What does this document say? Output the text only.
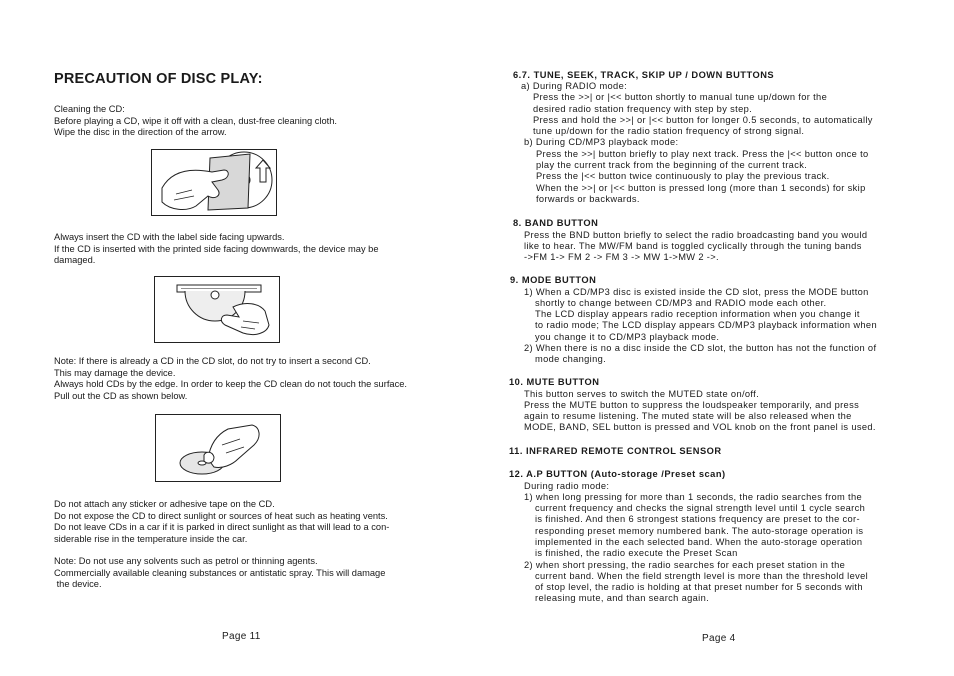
PRECAUTION OF DISC PLAY:
Cleaning the CD:
Before playing a CD, wipe it off with a clean, dust-free cleaning cloth.
Wipe the disc in the direction of the arrow.
Always insert the CD with the label side facing upwards.
If the CD is inserted with the printed side facing downwards, the device may be
damaged.
Note: If there is already a CD in the CD slot, do not try to insert a second CD.
This may damage the device.
Always hold CDs by the edge. In order to keep the CD clean do not touch the surface.
Pull out the CD as shown below.
Do not attach any sticker or adhesive tape on the CD.
Do not expose the CD to direct sunlight or sources of heat such as heating vents.
Do not leave CDs in a car if it is parked in direct sunlight as that will lead to a con-
siderable rise in the temperature inside the car.
Note: Do not use any solvents such as petrol or thinning agents.
Commercially available cleaning substances or antistatic spray. This will damage
the device.
Page 11
6.7. TUNE, SEEK, TRACK, SKIP UP / DOWN BUTTONS
a) During RADIO mode:
Press the >>| or |<< button shortly to manual tune up/down for the
desired radio station frequency with step by step.
Press and hold the >>| or |<< button for longer 0.5 seconds, to automatically
tune up/down for the radio station frequency of strong signal.
b) During CD/MP3 playback mode:
Press the >>| button briefly to play next track. Press the |<< button once to
play the current track from the beginning of the current track.
Press the |<< button twice continuously to play the previous track.
When the >>| or |<< button is pressed long (more than 1 seconds) for skip
forwards or backwards.
8. BAND BUTTON
Press the BND button briefly to select the radio broadcasting band you would
like to hear. The MW/FM band is toggled cyclically through the tuning bands
->FM 1-> FM 2 -> FM 3 -> MW 1->MW 2 ->.
9. MODE BUTTON
1) When a CD/MP3 disc is existed inside the CD slot, press the MODE button
shortly to change between CD/MP3 and RADIO mode each other.
The LCD display appears radio reception information when you change it
to radio mode; The LCD display appears CD/MP3 playback information when
you change it to CD/MP3 playback mode.
2) When there is no a disc inside the CD slot, the button has not the function of
mode changing.
10. MUTE BUTTON
This button serves to switch the MUTED state on/off.
Press the MUTE button to suppress the loudspeaker temporarily, and press
again to resume listening. The muted state will be also released when the
MODE, BAND, SEL button is pressed and VOL knob on the front panel is used.
11. INFRARED REMOTE CONTROL SENSOR
12. A.P BUTTON (Auto-storage /Preset scan)
During radio mode:
1) when long pressing for more than 1 seconds, the radio searches from the
current frequency and checks the signal strength level until 1 cycle search
is finished. And then 6 strongest stations frequency are preset to the cor-
responding preset memory numbered bank. The auto-storage operation is
implemented in the each selected band. When the auto-storage operation
is finished, the radio execute the Preset Scan
2) when short pressing, the radio searches for each preset station in the
current band. When the field strength level is more than the threshold level
of stop level, the radio is holding at that preset number for 5 seconds with
releasing mute, and than search again.
Page 4
